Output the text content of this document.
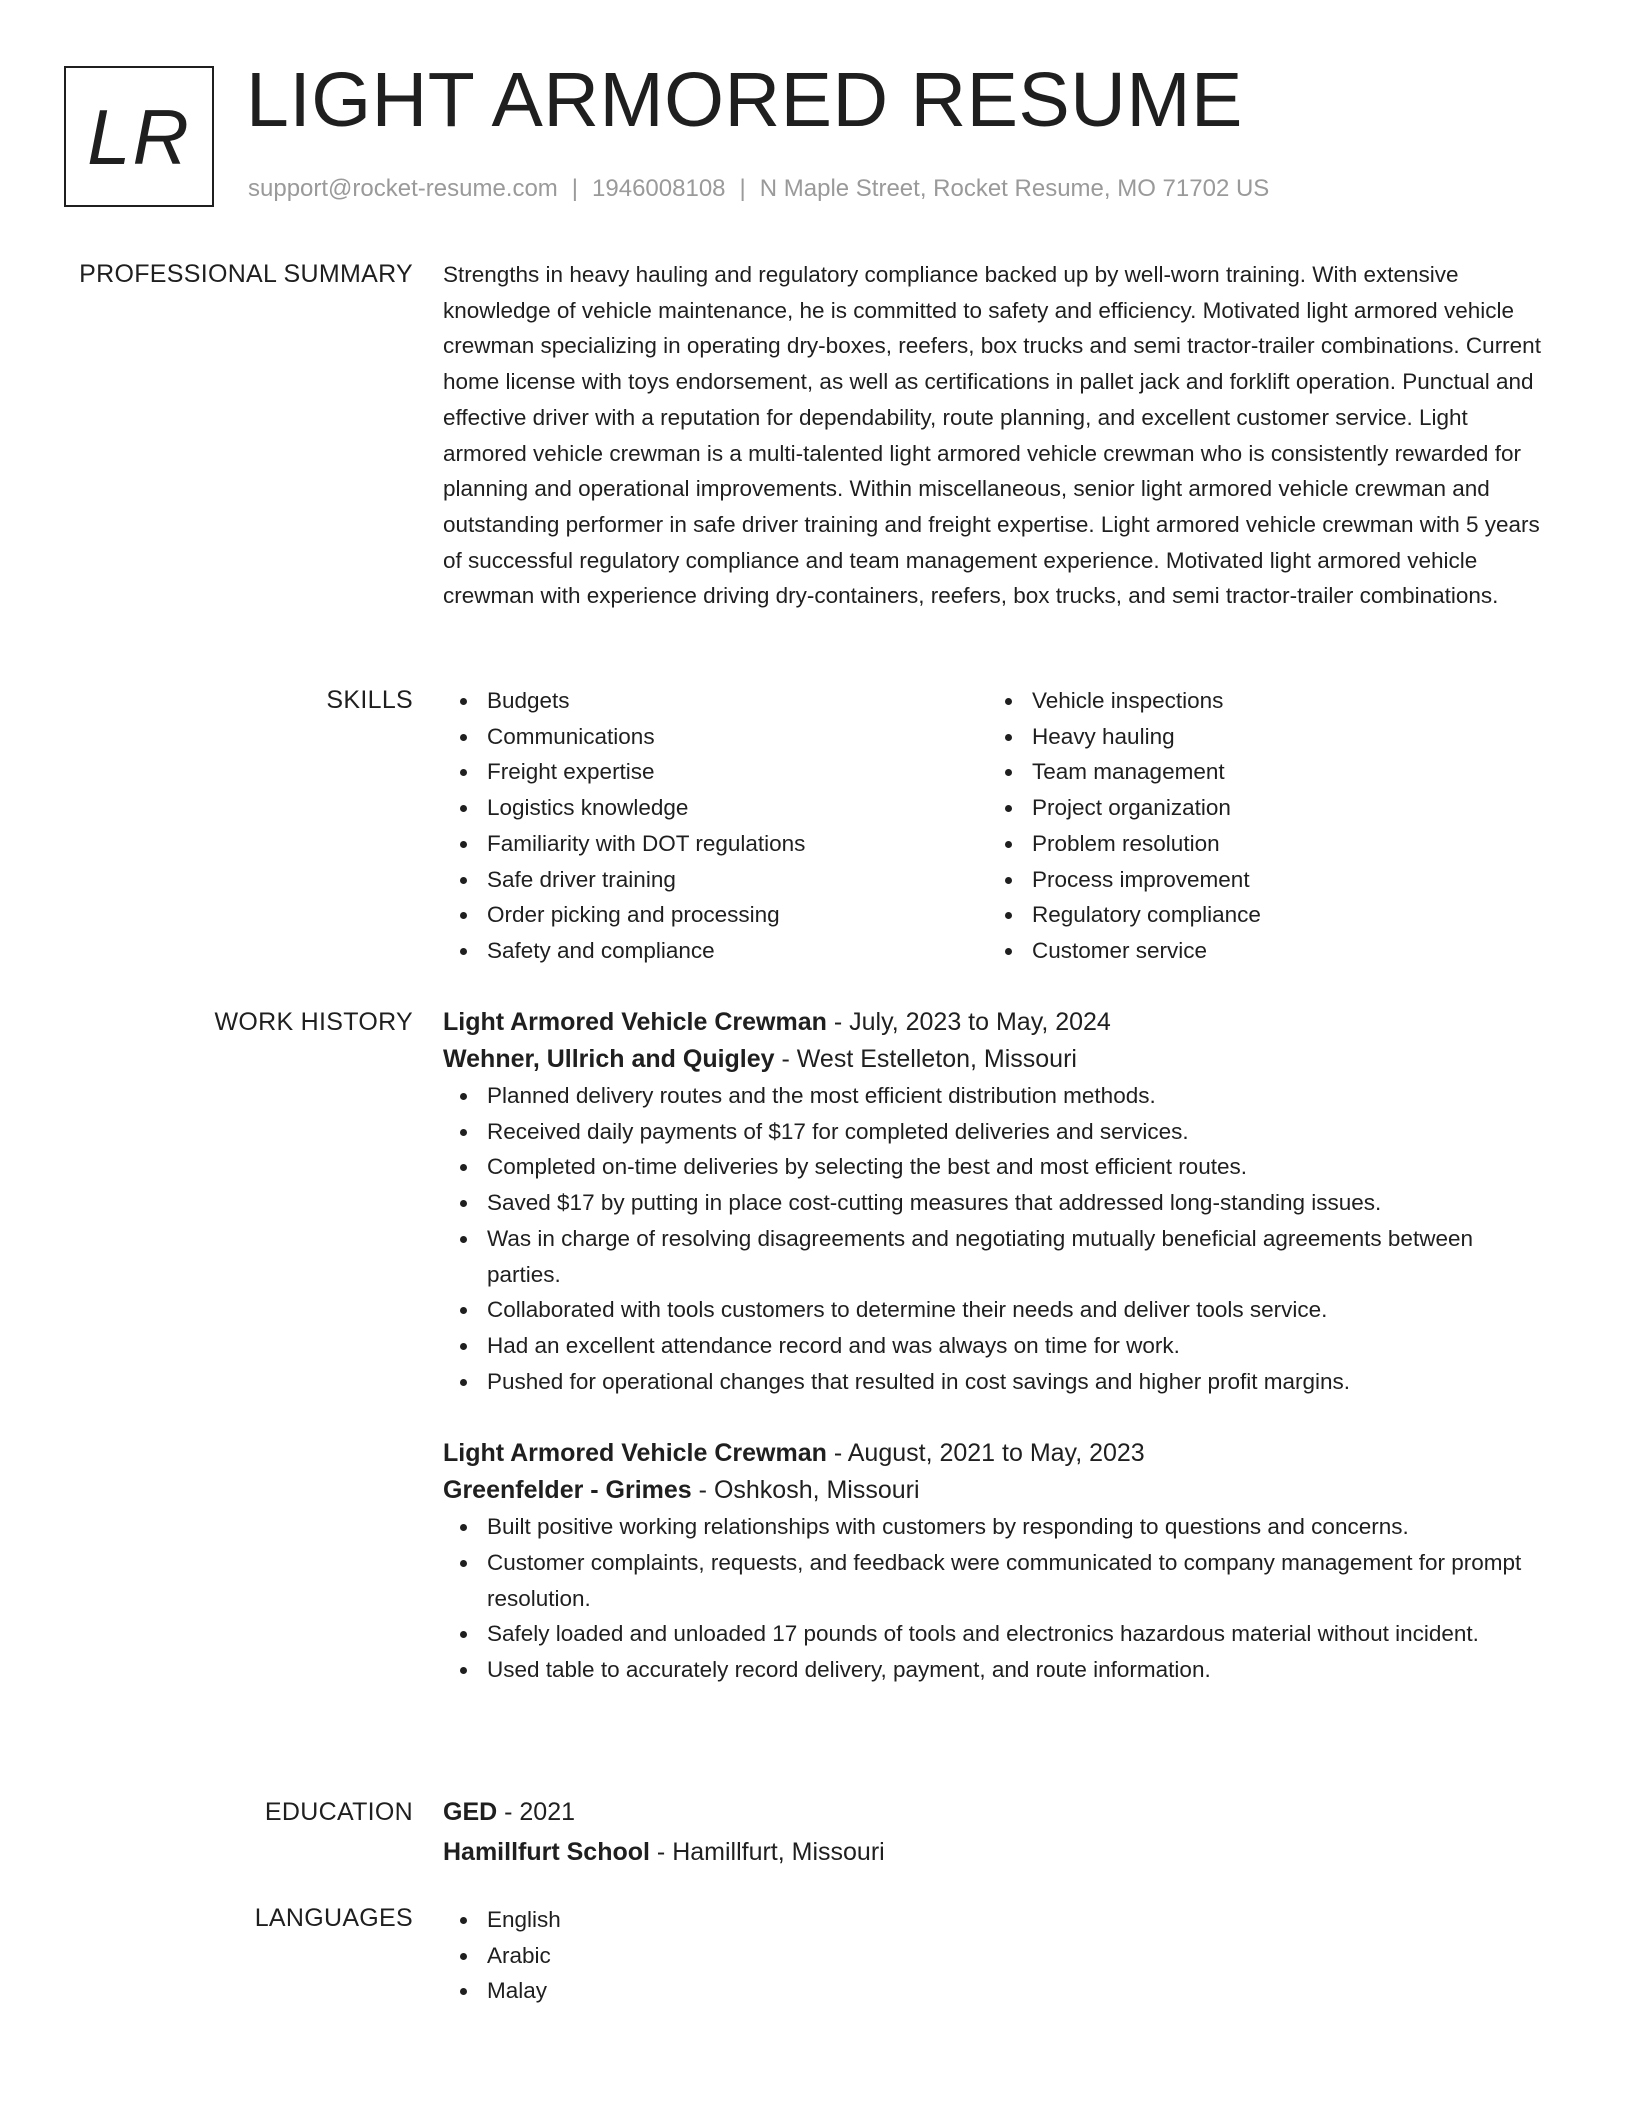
LR LIGHT ARMORED RESUME
support@rocket-resume.com | 1946008108 | N Maple Street, Rocket Resume, MO 71702 US
PROFESSIONAL SUMMARY Strengths in heavy hauling and regulatory compliance backed up by well-worn training. With extensive knowledge of vehicle maintenance, he is committed to safety and efficiency. Motivated light armored vehicle crewman specializing in operating dry-boxes, reefers, box trucks and semi tractor-trailer combinations. Current home license with toys endorsement, as well as certifications in pallet jack and forklift operation. Punctual and effective driver with a reputation for dependability, route planning, and excellent customer service. Light armored vehicle crewman is a multi-talented light armored vehicle crewman who is consistently rewarded for planning and operational improvements. Within miscellaneous, senior light armored vehicle crewman and outstanding performer in safe driver training and freight expertise. Light armored vehicle crewman with 5 years of successful regulatory compliance and team management experience. Motivated light armored vehicle crewman with experience driving dry-containers, reefers, box trucks, and semi tractor-trailer combinations.
SKILLS	Budgets
Communications
Freight expertise
Logistics knowledge
Familiarity with DOT regulations
Safe driver training
Order picking and processing
Safety and compliance
Vehicle inspections
Heavy hauling
Team management
Project organization
Problem resolution
Process improvement
Regulatory compliance
Customer service
WORK HISTORY Light Armored Vehicle Crewman - July, 2023 to May, 2024
Wehner, Ullrich and Quigley - West Estelleton, Missouri
Planned delivery routes and the most efficient distribution methods.
Received daily payments of $17 for completed deliveries and services.
Completed on-time deliveries by selecting the best and most efficient routes.
Saved $17 by putting in place cost-cutting measures that addressed long-standing issues.
Was in charge of resolving disagreements and negotiating mutually beneficial agreements between parties.
Collaborated with tools customers to determine their needs and deliver tools service.
Had an excellent attendance record and was always on time for work.
Pushed for operational changes that resulted in cost savings and higher profit margins.
Light Armored Vehicle Crewman - August, 2021 to May, 2023
Greenfelder - Grimes - Oshkosh, Missouri
Built positive working relationships with customers by responding to questions and concerns.
Customer complaints, requests, and feedback were communicated to company management for prompt resolution.
Safely loaded and unloaded 17 pounds of tools and electronics hazardous material without incident.
Used table to accurately record delivery, payment, and route information.
EDUCATION GED - 2021
Hamillfurt School - Hamillfurt, Missouri
LANGUAGES	English
Arabic
Malay
